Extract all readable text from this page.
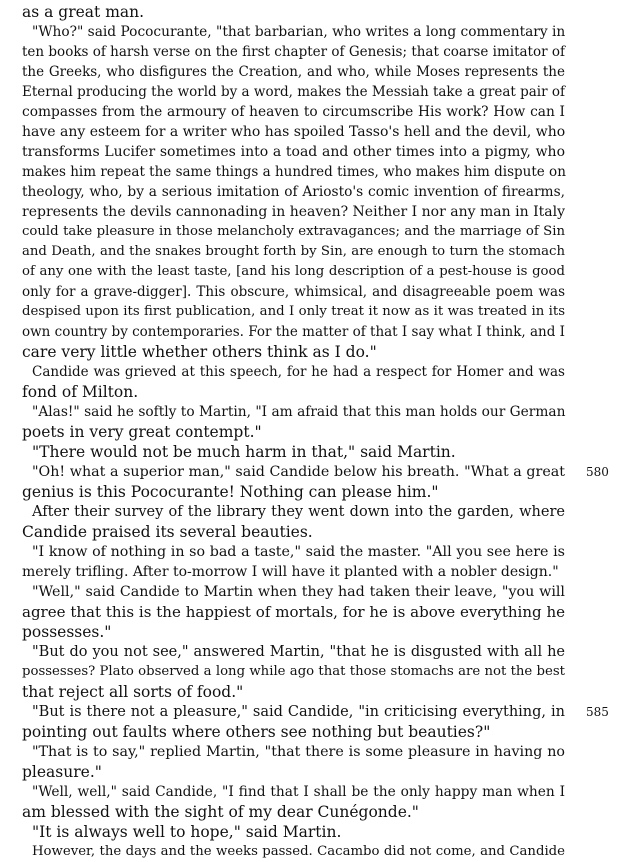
as a great man.
"Who?" said Pococurante, "that barbarian, who writes a long commentary in
ten books of harsh verse on the first chapter of Genesis; that coarse imitator of
the Greeks, who disfigures the Creation, and who, while Moses represents the
Eternal producing the world by a word, makes the Messiah take a great pair of
compasses from the armoury of heaven to circumscribe His work? How can I
have any esteem for a writer who has spoiled Tasso's hell and the devil, who
transforms Lucifer sometimes into a toad and other times into a pigmy, who
makes him repeat the same things a hundred times, who makes him dispute on
theology, who, by a serious imitation of Ariosto's comic invention of firearms,
represents the devils cannonading in heaven? Neither I nor any man in Italy
could take pleasure in those melancholy extravagances; and the marriage of Sin
and Death, and the snakes brought forth by Sin, are enough to turn the stomach
of any one with the least taste, [and his long description of a pest-house is good
only for a grave-digger]. This obscure, whimsical, and disagreeable poem was
despised upon its first publication, and I only treat it now as it was treated in its
own country by contemporaries. For the matter of that I say what I think, and I
care very little whether others think as I do."
Candide was grieved at this speech, for he had a respect for Homer and was
fond of Milton.
"Alas!" said he softly to Martin, "I am afraid that this man holds our German
poets in very great contempt."
"There would not be much harm in that," said Martin.
"Oh! what a superior man," said Candide below his breath. "What a great
genius is this Pococurante! Nothing can please him."
After their survey of the library they went down into the garden, where
Candide praised its several beauties.
"I know of nothing in so bad a taste," said the master. "All you see here is
merely trifling. After to-morrow I will have it planted with a nobler design."
"Well," said Candide to Martin when they had taken their leave, "you will
agree that this is the happiest of mortals, for he is above everything he
possesses."
"But do you not see," answered Martin, "that he is disgusted with all he
possesses? Plato observed a long while ago that those stomachs are not the best
that reject all sorts of food."
"But is there not a pleasure," said Candide, "in criticising everything, in
pointing out faults where others see nothing but beauties?"
"That is to say," replied Martin, "that there is some pleasure in having no
pleasure."
"Well, well," said Candide, "I find that I shall be the only happy man when I
am blessed with the sight of my dear Cunégonde."
"It is always well to hope," said Martin.
However, the days and the weeks passed. Cacambo did not come, and Candide
580
585
